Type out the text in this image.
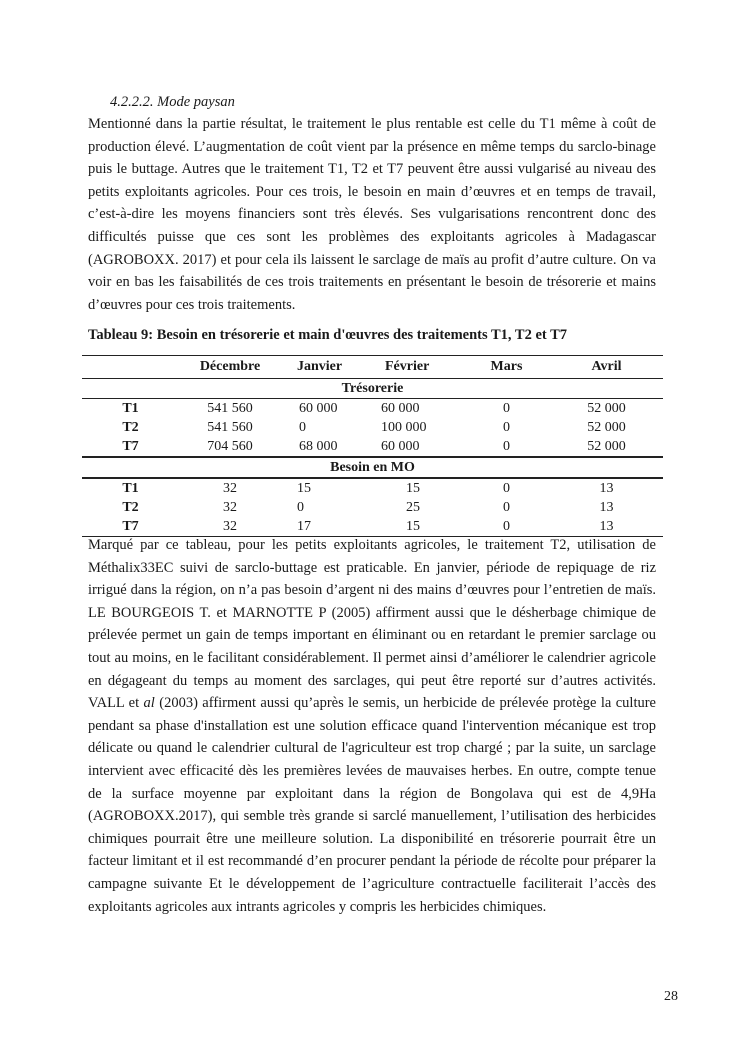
4.2.2.2. Mode paysan

Mentionné dans la partie résultat, le traitement le plus rentable est celle du T1 même à coût de production élevé. L’augmentation de coût vient par la présence en même temps du sarclo-binage puis le buttage. Autres que le traitement T1, T2 et T7 peuvent être aussi vulgarisé au niveau des petits exploitants agricoles. Pour ces trois, le besoin en main d’œuvres et en temps de travail, c’est-à-dire les moyens financiers sont très élevés. Ses vulgarisations rencontrent donc des difficultés puisse que ces sont les problèmes des exploitants agricoles à Madagascar (AGROBOXX. 2017) et pour cela ils laissent le sarclage de maïs au profit d’autre culture. On va voir en bas les faisabilités de ces trois traitements en présentant le besoin de trésorerie et mains d’œuvres pour ces trois traitements.

Tableau 9: Besoin en trésorerie et main d'œuvres des traitements T1, T2 et T7

	Décembre	Janvier	Février	Mars	Avril
Trésorerie					
T1	541 560	60 000	60 000	0	52 000
T2	541 560	0	100 000	0	52 000
T7	704 560	68 000	60 000	0	52 000
Besoin en MO					
T1	32	15	15	0	13
T2	32	0	25	0	13
T7	32	17	15	0	13

Marqué par ce tableau, pour les petits exploitants agricoles, le traitement T2, utilisation de Méthalix33EC suivi de sarclo-buttage est praticable. En janvier, période de repiquage de riz irrigué dans la région, on n’a pas besoin d’argent ni des mains d’œuvres pour l’entretien de maïs. LE BOURGEOIS T. et MARNOTTE P (2005) affirment aussi que le désherbage chimique de prélevée permet un gain de temps important en éliminant ou en retardant le premier sarclage ou tout au moins, en le facilitant considérablement. Il permet ainsi d’améliorer le calendrier agricole en dégageant du temps au moment des sarclages, qui peut être reporté sur d’autres activités. VALL et al (2003) affirment aussi qu’après le semis, un herbicide de prélevée protège la culture pendant sa phase d'installation est une solution efficace quand l'intervention mécanique est trop délicate ou quand le calendrier cultural de l'agriculteur est trop chargé ; par la suite, un sarclage intervient avec efficacité dès les premières levées de mauvaises herbes. En outre, compte tenue de la surface moyenne par exploitant dans la région de Bongolava qui est de 4,9Ha (AGROBOXX.2017), qui semble très grande si sarclé manuellement, l’utilisation des herbicides chimiques pourrait être une meilleure solution. La disponibilité en trésorerie pourrait être un facteur limitant et il est recommandé d’en procurer pendant la période de récolte pour préparer la campagne suivante Et le développement de l’agriculture contractuelle faciliterait l’accès des exploitants agricoles aux intrants agricoles y compris les herbicides chimiques.

28
